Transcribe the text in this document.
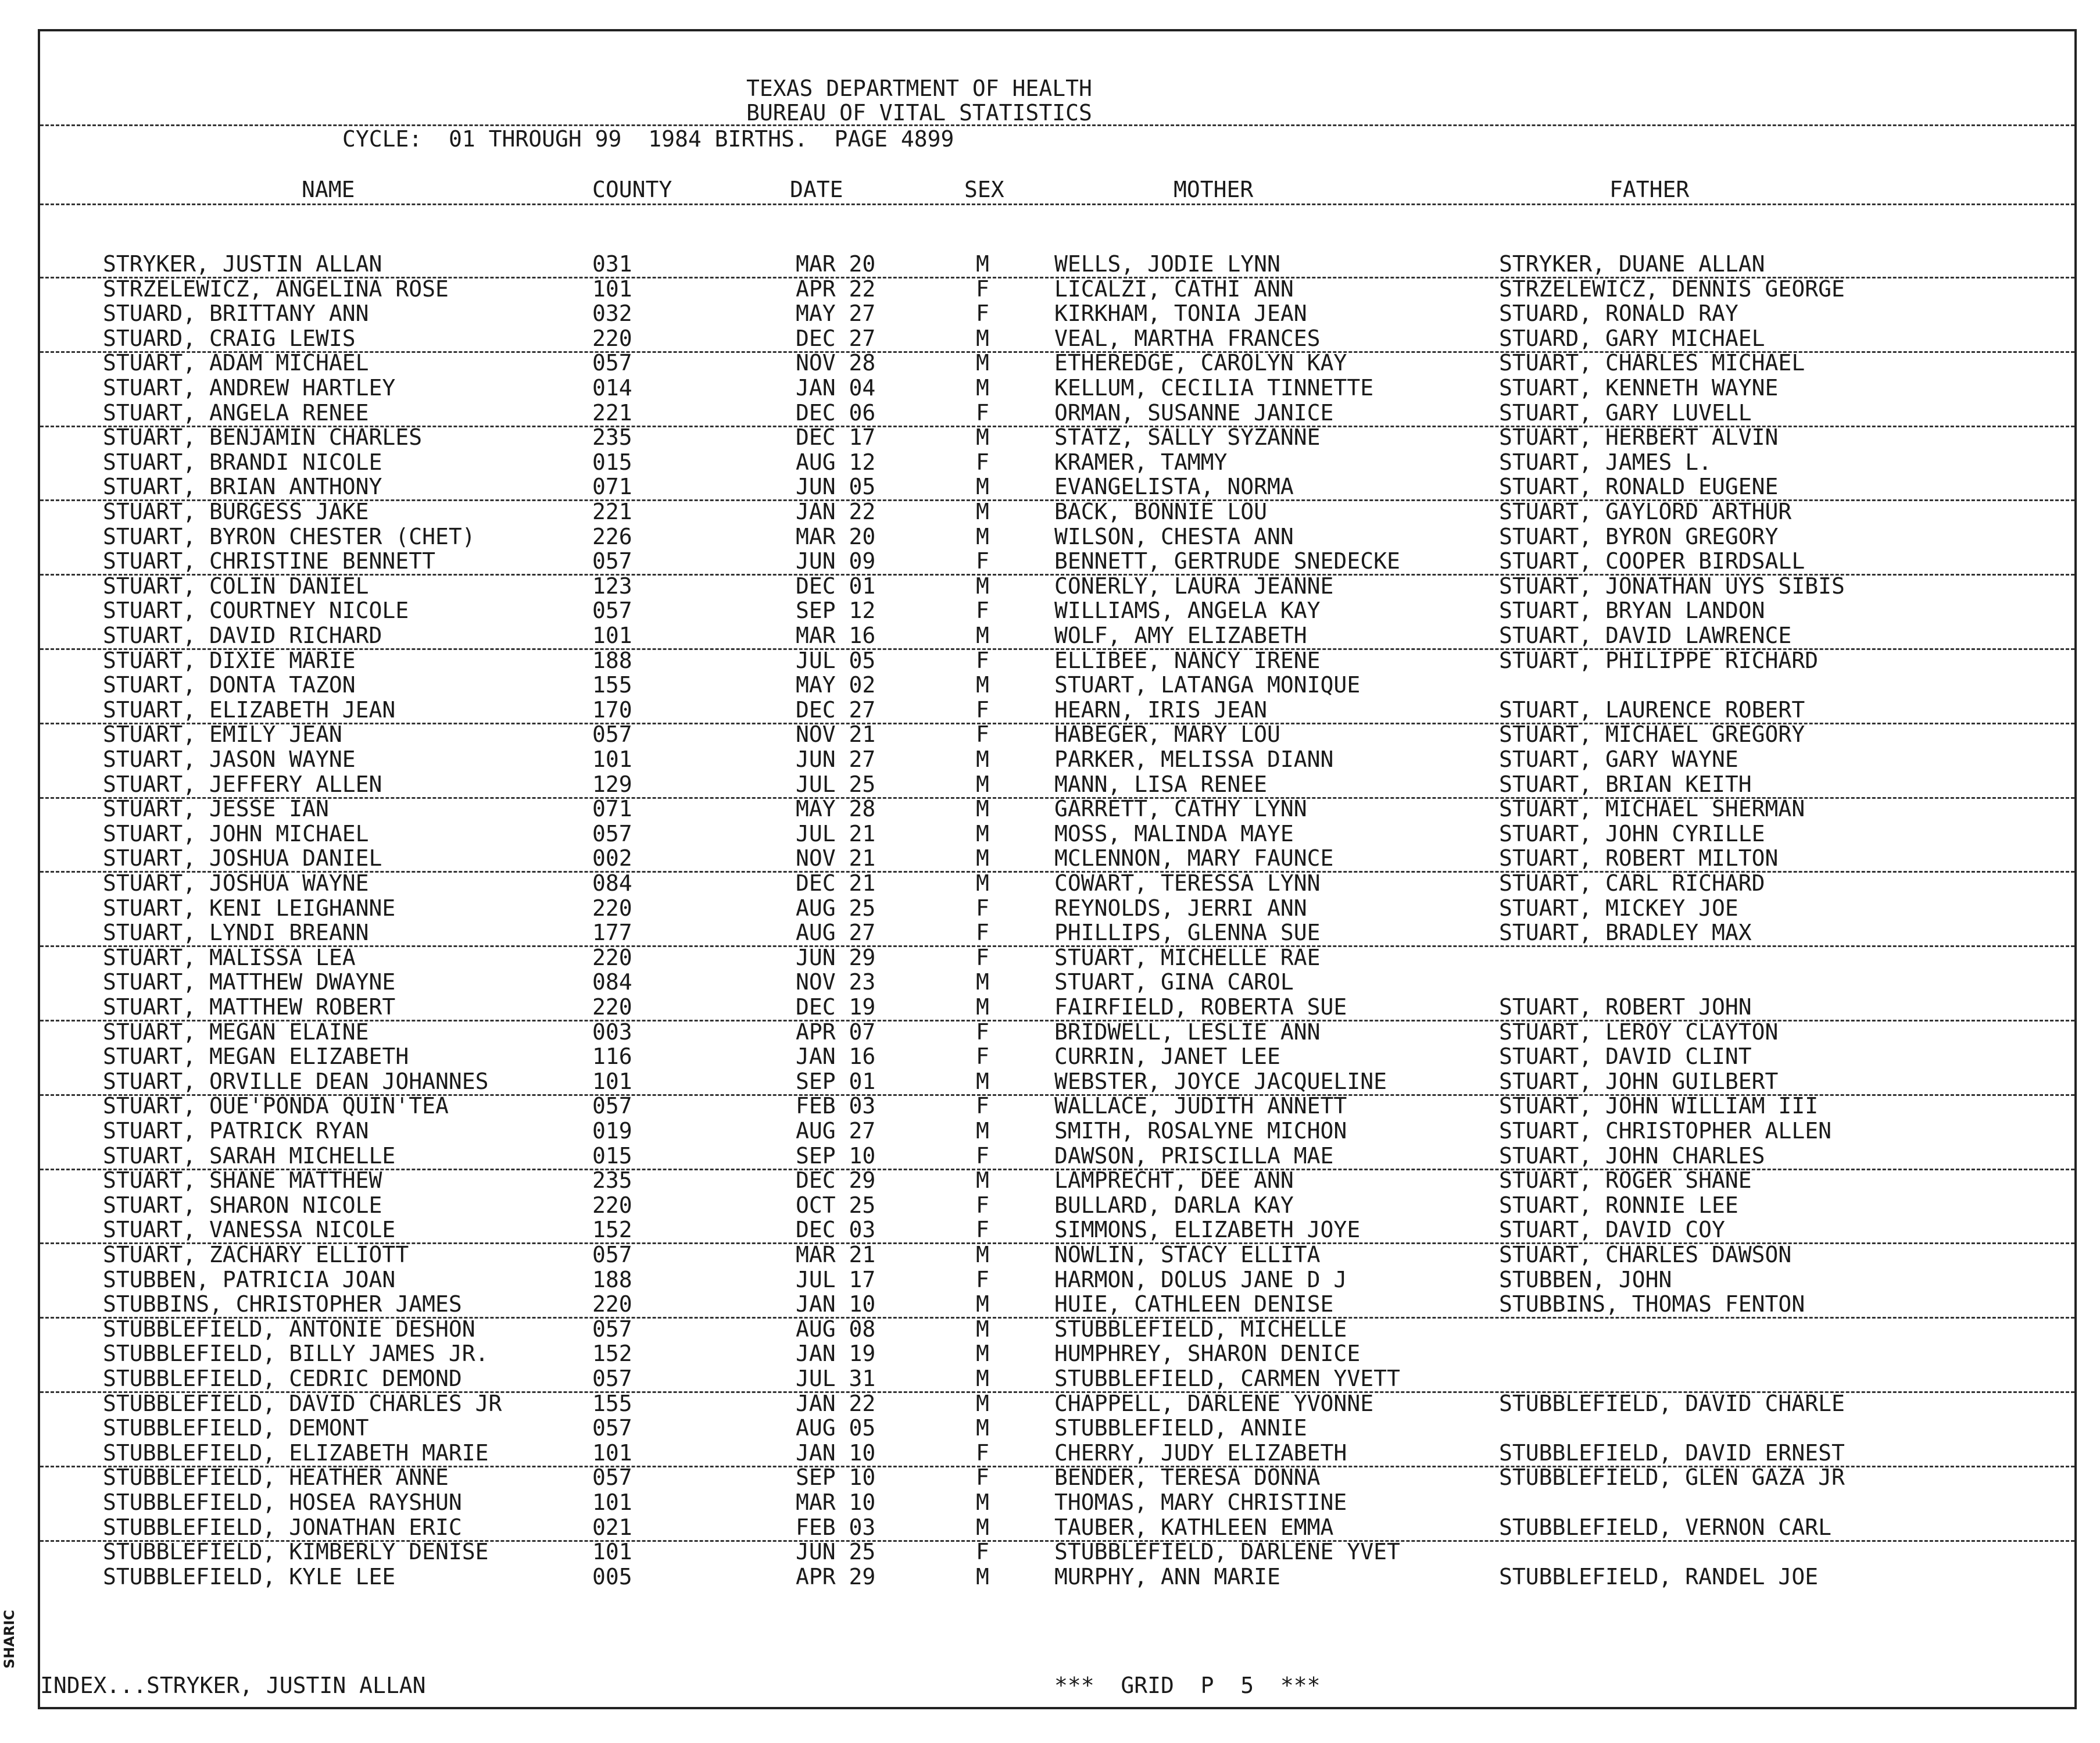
SHARIC
TEXAS DEPARTMENT OF HEALTH
BUREAU OF VITAL STATISTICS
CYCLE:  01 THROUGH 99  1984 BIRTHS.  PAGE 4899
NAME	COUNTY	DATE	SEX	MOTHER	FATHER
STRYKER, JUSTIN ALLAN	031	MAR 20	M	WELLS, JODIE LYNN	STRYKER, DUANE ALLAN
STRZELEWICZ, ANGELINA ROSE	101	APR 22	F	LICALZI, CATHI ANN	STRZELEWICZ, DENNIS GEORGE
STUARD, BRITTANY ANN	032	MAY 27	F	KIRKHAM, TONIA JEAN	STUARD, RONALD RAY
STUARD, CRAIG LEWIS	220	DEC 27	M	VEAL, MARTHA FRANCES	STUARD, GARY MICHAEL
STUART, ADAM MICHAEL	057	NOV 28	M	ETHEREDGE, CAROLYN KAY	STUART, CHARLES MICHAEL
STUART, ANDREW HARTLEY	014	JAN 04	M	KELLUM, CECILIA TINNETTE	STUART, KENNETH WAYNE
STUART, ANGELA RENEE	221	DEC 06	F	ORMAN, SUSANNE JANICE	STUART, GARY LUVELL
STUART, BENJAMIN CHARLES	235	DEC 17	M	STATZ, SALLY SYZANNE	STUART, HERBERT ALVIN
STUART, BRANDI NICOLE	015	AUG 12	F	KRAMER, TAMMY	STUART, JAMES L.
STUART, BRIAN ANTHONY	071	JUN 05	M	EVANGELISTA, NORMA	STUART, RONALD EUGENE
STUART, BURGESS JAKE	221	JAN 22	M	BACK, BONNIE LOU	STUART, GAYLORD ARTHUR
STUART, BYRON CHESTER (CHET)	226	MAR 20	M	WILSON, CHESTA ANN	STUART, BYRON GREGORY
STUART, CHRISTINE BENNETT	057	JUN 09	F	BENNETT, GERTRUDE SNEDECKE	STUART, COOPER BIRDSALL
STUART, COLIN DANIEL	123	DEC 01	M	CONERLY, LAURA JEANNE	STUART, JONATHAN UYS SIBIS
STUART, COURTNEY NICOLE	057	SEP 12	F	WILLIAMS, ANGELA KAY	STUART, BRYAN LANDON
STUART, DAVID RICHARD	101	MAR 16	M	WOLF, AMY ELIZABETH	STUART, DAVID LAWRENCE
STUART, DIXIE MARIE	188	JUL 05	F	ELLIBEE, NANCY IRENE	STUART, PHILIPPE RICHARD
STUART, DONTA TAZON	155	MAY 02	M	STUART, LATANGA MONIQUE
STUART, ELIZABETH JEAN	170	DEC 27	F	HEARN, IRIS JEAN	STUART, LAURENCE ROBERT
STUART, EMILY JEAN	057	NOV 21	F	HABEGER, MARY LOU	STUART, MICHAEL GREGORY
STUART, JASON WAYNE	101	JUN 27	M	PARKER, MELISSA DIANN	STUART, GARY WAYNE
STUART, JEFFERY ALLEN	129	JUL 25	M	MANN, LISA RENEE	STUART, BRIAN KEITH
STUART, JESSE IAN	071	MAY 28	M	GARRETT, CATHY LYNN	STUART, MICHAEL SHERMAN
STUART, JOHN MICHAEL	057	JUL 21	M	MOSS, MALINDA MAYE	STUART, JOHN CYRILLE
STUART, JOSHUA DANIEL	002	NOV 21	M	MCLENNON, MARY FAUNCE	STUART, ROBERT MILTON
STUART, JOSHUA WAYNE	084	DEC 21	M	COWART, TERESSA LYNN	STUART, CARL RICHARD
STUART, KENI LEIGHANNE	220	AUG 25	F	REYNOLDS, JERRI ANN	STUART, MICKEY JOE
STUART, LYNDI BREANN	177	AUG 27	F	PHILLIPS, GLENNA SUE	STUART, BRADLEY MAX
STUART, MALISSA LEA	220	JUN 29	F	STUART, MICHELLE RAE
STUART, MATTHEW DWAYNE	084	NOV 23	M	STUART, GINA CAROL
STUART, MATTHEW ROBERT	220	DEC 19	M	FAIRFIELD, ROBERTA SUE	STUART, ROBERT JOHN
STUART, MEGAN ELAINE	003	APR 07	F	BRIDWELL, LESLIE ANN	STUART, LEROY CLAYTON
STUART, MEGAN ELIZABETH	116	JAN 16	F	CURRIN, JANET LEE	STUART, DAVID CLINT
STUART, ORVILLE DEAN JOHANNES	101	SEP 01	M	WEBSTER, JOYCE JACQUELINE	STUART, JOHN GUILBERT
STUART, OUE'PONDA QUIN'TEA	057	FEB 03	F	WALLACE, JUDITH ANNETT	STUART, JOHN WILLIAM III
STUART, PATRICK RYAN	019	AUG 27	M	SMITH, ROSALYNE MICHON	STUART, CHRISTOPHER ALLEN
STUART, SARAH MICHELLE	015	SEP 10	F	DAWSON, PRISCILLA MAE	STUART, JOHN CHARLES
STUART, SHANE MATTHEW	235	DEC 29	M	LAMPRECHT, DEE ANN	STUART, ROGER SHANE
STUART, SHARON NICOLE	220	OCT 25	F	BULLARD, DARLA KAY	STUART, RONNIE LEE
STUART, VANESSA NICOLE	152	DEC 03	F	SIMMONS, ELIZABETH JOYE	STUART, DAVID COY
STUART, ZACHARY ELLIOTT	057	MAR 21	M	NOWLIN, STACY ELLITA	STUART, CHARLES DAWSON
STUBBEN, PATRICIA JOAN	188	JUL 17	F	HARMON, DOLUS JANE D J	STUBBEN, JOHN
STUBBINS, CHRISTOPHER JAMES	220	JAN 10	M	HUIE, CATHLEEN DENISE	STUBBINS, THOMAS FENTON
STUBBLEFIELD, ANTONIE DESHON	057	AUG 08	M	STUBBLEFIELD, MICHELLE
STUBBLEFIELD, BILLY JAMES JR.	152	JAN 19	M	HUMPHREY, SHARON DENICE
STUBBLEFIELD, CEDRIC DEMOND	057	JUL 31	M	STUBBLEFIELD, CARMEN YVETT
STUBBLEFIELD, DAVID CHARLES JR	155	JAN 22	M	CHAPPELL, DARLENE YVONNE	STUBBLEFIELD, DAVID CHARLE
STUBBLEFIELD, DEMONT	057	AUG 05	M	STUBBLEFIELD, ANNIE
STUBBLEFIELD, ELIZABETH MARIE	101	JAN 10	F	CHERRY, JUDY ELIZABETH	STUBBLEFIELD, DAVID ERNEST
STUBBLEFIELD, HEATHER ANNE	057	SEP 10	F	BENDER, TERESA DONNA	STUBBLEFIELD, GLEN GAZA JR
STUBBLEFIELD, HOSEA RAYSHUN	101	MAR 10	M	THOMAS, MARY CHRISTINE
STUBBLEFIELD, JONATHAN ERIC	021	FEB 03	M	TAUBER, KATHLEEN EMMA	STUBBLEFIELD, VERNON CARL
STUBBLEFIELD, KIMBERLY DENISE	101	JUN 25	F	STUBBLEFIELD, DARLENE YVET
STUBBLEFIELD, KYLE LEE	005	APR 29	M	MURPHY, ANN MARIE	STUBBLEFIELD, RANDEL JOE
INDEX...STRYKER, JUSTIN ALLAN	***  GRID  P  5  ***
